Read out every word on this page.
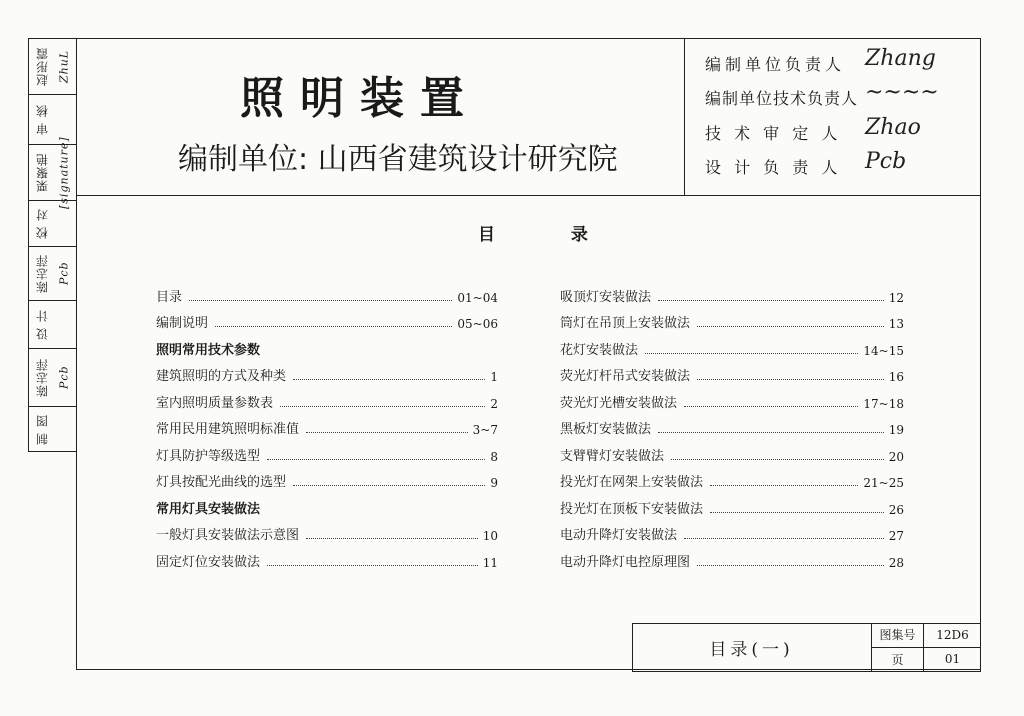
赵彤霞 ZhuL
审 核
栗聚艳 [signature]
校 对
陈志萍 Pcb
设 计
陈志萍 Pcb
制 图
照明装置
编制单位: 山西省建筑设计研究院
编制单位负责人 Zhang
编制单位技术负责人 ~~~~
技 术 审 定 人 Zhao
设 计 负 责 人 Pcb
目	录
目录	01~04
编制说明	05~06
照明常用技术参数
建筑照明的方式及种类	1
室内照明质量参数表	2
常用民用建筑照明标准值	3~7
灯具防护等级选型	8
灯具按配光曲线的选型	9
常用灯具安装做法
一般灯具安装做法示意图	10
固定灯位安装做法	11
吸顶灯安装做法	12
筒灯在吊顶上安装做法	13
花灯安装做法	14~15
荧光灯杆吊式安装做法	16
荧光灯光槽安装做法	17~18
黑板灯安装做法	19
支臂臂灯安装做法	20
投光灯在网架上安装做法	21~25
投光灯在顶板下安装做法	26
电动升降灯安装做法	27
电动升降灯电控原理图	28
目录(一)
图集号	12D6
页	01
